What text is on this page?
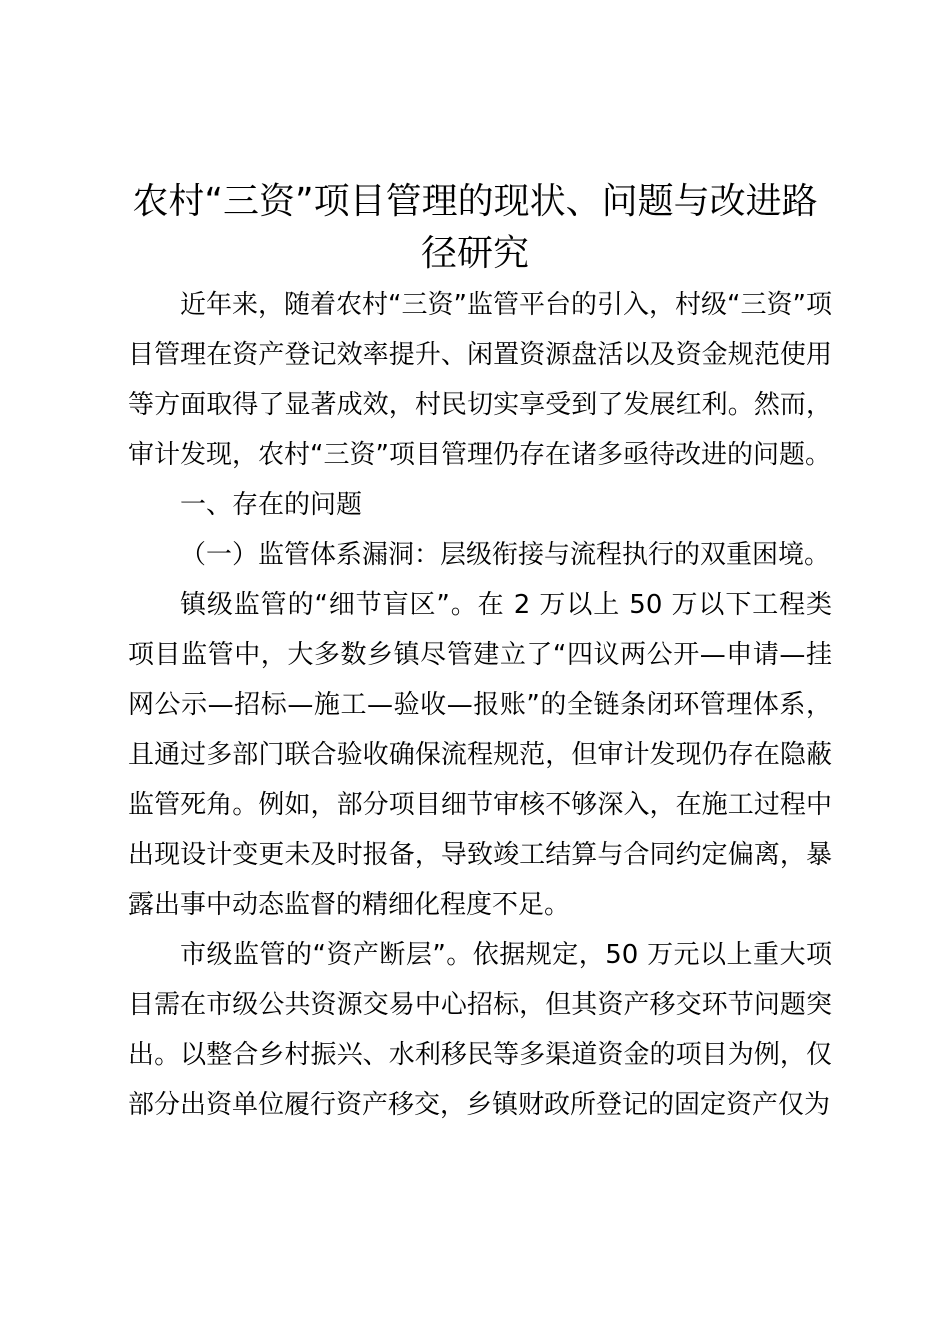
农村“三资”项目管理的现状、问题与改进路径研究

近年来，随着农村“三资”监管平台的引入，村级“三资”项目管理在资产登记效率提升、闲置资源盘活以及资金规范使用等方面取得了显著成效，村民切实享受到了发展红利。然而，审计发现，农村“三资”项目管理仍存在诸多亟待改进的问题。

一、存在的问题

（一）监管体系漏洞：层级衔接与流程执行的双重困境。

镇级监管的“细节盲区”。在 2 万以上 50 万以下工程类项目监管中，大多数乡镇尽管建立了“四议两公开—申请—挂网公示—招标—施工—验收—报账”的全链条闭环管理体系，且通过多部门联合验收确保流程规范，但审计发现仍存在隐蔽监管死角。例如，部分项目细节审核不够深入，在施工过程中出现设计变更未及时报备，导致竣工结算与合同约定偏离，暴露出事中动态监督的精细化程度不足。

市级监管的“资产断层”。依据规定，50 万元以上重大项目需在市级公共资源交易中心招标，但其资产移交环节问题突出。以整合乡村振兴、水利移民等多渠道资金的项目为例，仅部分出资单位履行资产移交，乡镇财政所登记的固定资产仅为
